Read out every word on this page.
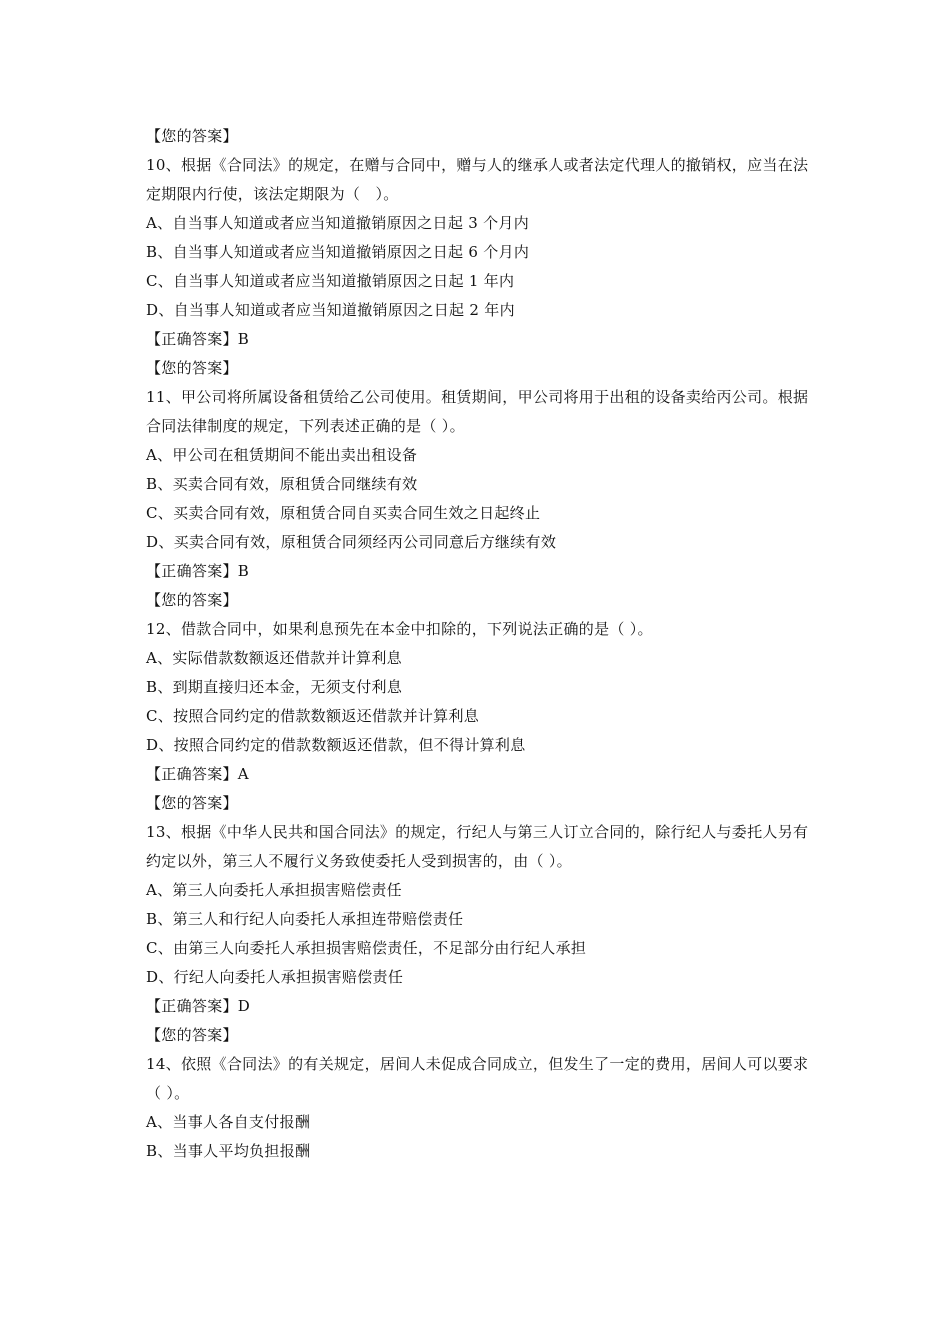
【您的答案】
10、根据《合同法》的规定，在赠与合同中，赠与人的继承人或者法定代理人的撤销权，应当在法定期限内行使，该法定期限为（　）。
A、自当事人知道或者应当知道撤销原因之日起 3 个月内
B、自当事人知道或者应当知道撤销原因之日起 6 个月内
C、自当事人知道或者应当知道撤销原因之日起 1 年内
D、自当事人知道或者应当知道撤销原因之日起 2 年内
【正确答案】B
【您的答案】
11、甲公司将所属设备租赁给乙公司使用。租赁期间，甲公司将用于出租的设备卖给丙公司。根据合同法律制度的规定，下列表述正确的是（ ）。
A、甲公司在租赁期间不能出卖出租设备
B、买卖合同有效，原租赁合同继续有效
C、买卖合同有效，原租赁合同自买卖合同生效之日起终止
D、买卖合同有效，原租赁合同须经丙公司同意后方继续有效
【正确答案】B
【您的答案】
12、借款合同中，如果利息预先在本金中扣除的，下列说法正确的是（ ）。
A、实际借款数额返还借款并计算利息
B、到期直接归还本金，无须支付利息
C、按照合同约定的借款数额返还借款并计算利息
D、按照合同约定的借款数额返还借款，但不得计算利息
【正确答案】A
【您的答案】
13、根据《中华人民共和国合同法》的规定，行纪人与第三人订立合同的，除行纪人与委托人另有约定以外，第三人不履行义务致使委托人受到损害的，由（ ）。
A、第三人向委托人承担损害赔偿责任
B、第三人和行纪人向委托人承担连带赔偿责任
C、由第三人向委托人承担损害赔偿责任，不足部分由行纪人承担
D、行纪人向委托人承担损害赔偿责任
【正确答案】D
【您的答案】
14、依照《合同法》的有关规定，居间人未促成合同成立，但发生了一定的费用，居间人可以要求（ ）。
A、当事人各自支付报酬
B、当事人平均负担报酬
